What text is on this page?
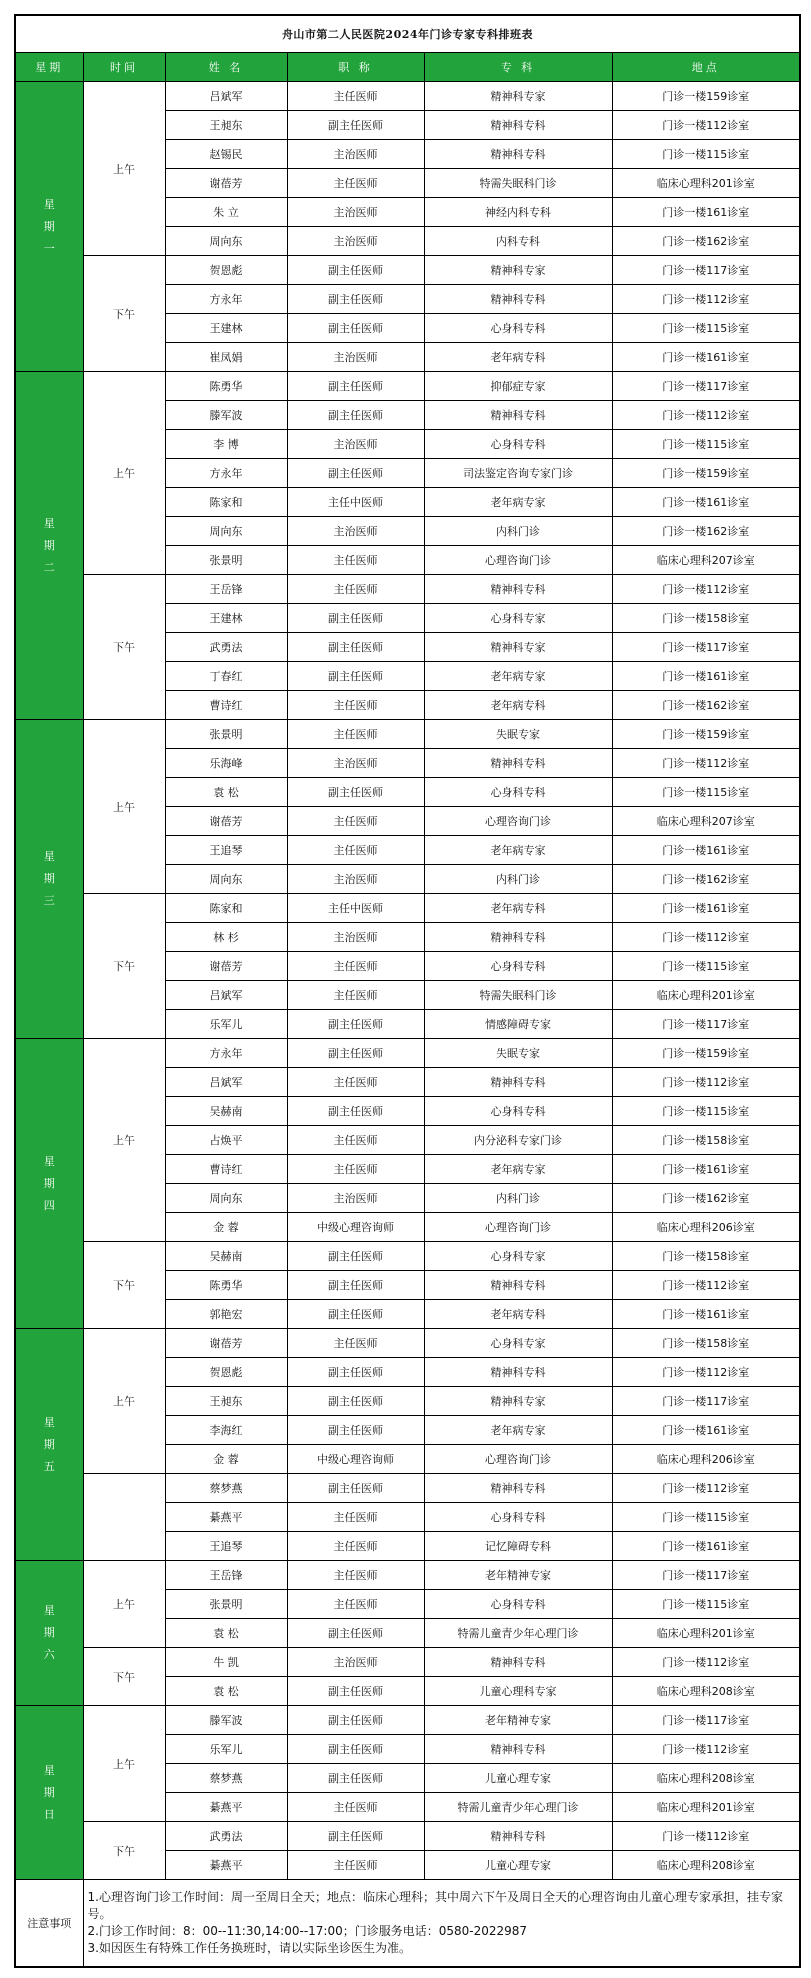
舟山市第二人民医院2024年门诊专家专科排班表					
星期	时间	姓 名	职 称	专 科	地点

星期一	上午	吕斌军	主任医师	精神科专家	门诊一楼159诊室
		王昶东	副主任医师	精神科专科	门诊一楼112诊室
		赵锡民	主治医师	精神科专科	门诊一楼115诊室
		谢蓓芳	主任医师	特需失眠科门诊	临床心理科201诊室
		朱 立	主治医师	神经内科专科	门诊一楼161诊室
		周向东	主治医师	内科专科	门诊一楼162诊室
	下午	贺恩彪	副主任医师	精神科专家	门诊一楼117诊室
		方永年	副主任医师	精神科专科	门诊一楼112诊室
		王建林	副主任医师	心身科专科	门诊一楼115诊室
		崔凤娟	主治医师	老年病专科	门诊一楼161诊室

星期二	上午	陈勇华	副主任医师	抑郁症专家	门诊一楼117诊室
		滕军波	副主任医师	精神科专科	门诊一楼112诊室
		李 博	主治医师	心身科专科	门诊一楼115诊室
		方永年	副主任医师	司法鉴定咨询专家门诊	门诊一楼159诊室
		陈家和	主任中医师	老年病专家	门诊一楼161诊室
		周向东	主治医师	内科门诊	门诊一楼162诊室
		张景明	主任医师	心理咨询门诊	临床心理科207诊室
	下午	王岳锋	主任医师	精神科专科	门诊一楼112诊室
		王建林	副主任医师	心身科专家	门诊一楼158诊室
		武勇法	副主任医师	精神科专家	门诊一楼117诊室
		丁春红	副主任医师	老年病专家	门诊一楼161诊室
		曹诗红	主任医师	老年病专科	门诊一楼162诊室

星期三	上午	张景明	主任医师	失眠专家	门诊一楼159诊室
		乐海峰	主治医师	精神科专科	门诊一楼112诊室
		袁 松	副主任医师	心身科专科	门诊一楼115诊室
		谢蓓芳	主任医师	心理咨询门诊	临床心理科207诊室
		王追琴	主任医师	老年病专家	门诊一楼161诊室
		周向东	主治医师	内科门诊	门诊一楼162诊室
	下午	陈家和	主任中医师	老年病专科	门诊一楼161诊室
		林 杉	主治医师	精神科专科	门诊一楼112诊室
		谢蓓芳	主任医师	心身科专科	门诊一楼115诊室
		吕斌军	主任医师	特需失眠科门诊	临床心理科201诊室
		乐军儿	副主任医师	情感障碍专家	门诊一楼117诊室

星期四	上午	方永年	副主任医师	失眠专家	门诊一楼159诊室
		吕斌军	主任医师	精神科专科	门诊一楼112诊室
		吴赫南	副主任医师	心身科专科	门诊一楼115诊室
		占焕平	主任医师	内分泌科专家门诊	门诊一楼158诊室
		曹诗红	主任医师	老年病专家	门诊一楼161诊室
		周向东	主治医师	内科门诊	门诊一楼162诊室
		金 蓉	中级心理咨询师	心理咨询门诊	临床心理科206诊室
	下午	吴赫南	副主任医师	心身科专家	门诊一楼158诊室
		陈勇华	副主任医师	精神科专科	门诊一楼112诊室
		郭艳宏	副主任医师	老年病专科	门诊一楼161诊室

星期五	上午	谢蓓芳	主任医师	心身科专家	门诊一楼158诊室
		贺恩彪	副主任医师	精神科专科	门诊一楼112诊室
		王昶东	副主任医师	精神科专家	门诊一楼117诊室
		李海红	副主任医师	老年病专家	门诊一楼161诊室
		金 蓉	中级心理咨询师	心理咨询门诊	临床心理科206诊室
		蔡梦燕	副主任医师	精神科专科	门诊一楼112诊室
		綦燕平	主任医师	心身科专科	门诊一楼115诊室
		王追琴	主任医师	记忆障碍专科	门诊一楼161诊室

星期六	上午	王岳锋	主任医师	老年精神专家	门诊一楼117诊室
		张景明	主任医师	心身科专科	门诊一楼115诊室
		袁 松	副主任医师	特需儿童青少年心理门诊	临床心理科201诊室
	下午	牛 凯	主治医师	精神科专科	门诊一楼112诊室
		袁 松	副主任医师	儿童心理科专家	临床心理科208诊室

星期日	上午	滕军波	副主任医师	老年精神专家	门诊一楼117诊室
		乐军儿	副主任医师	精神科专科	门诊一楼112诊室
		蔡梦燕	副主任医师	儿童心理专家	临床心理科208诊室
		綦燕平	主任医师	特需儿童青少年心理门诊	临床心理科201诊室
	下午	武勇法	副主任医师	精神科专科	门诊一楼112诊室
		綦燕平	主任医师	儿童心理专家	临床心理科208诊室
注意事项	1.心理咨询门诊工作时间：周一至周日全天；地点：临床心理科；其中周六下午及周日全天的心理咨询由儿童心理专家承担，挂专家号。
2.门诊工作时间：8：00--11:30,14:00--17:00；门诊服务电话：0580-2022987
3.如因医生有特殊工作任务换班时，请以实际坐诊医生为准。				
